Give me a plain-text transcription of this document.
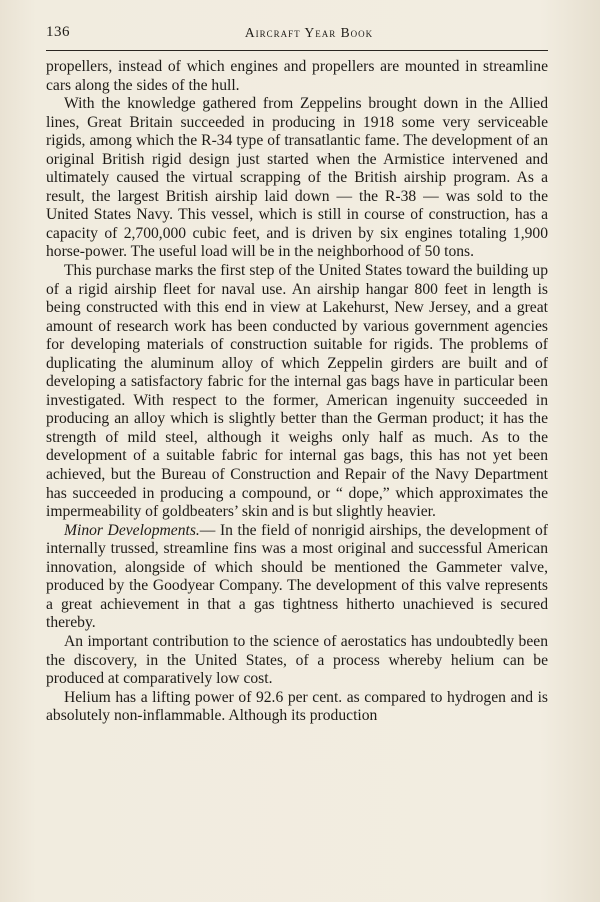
136	Aircraft Year Book

propellers, instead of which engines and propellers are mounted in streamline cars along the sides of the hull.

With the knowledge gathered from Zeppelins brought down in the Allied lines, Great Britain succeeded in producing in 1918 some very serviceable rigids, among which the R-34 type of transatlantic fame. The development of an original British rigid design just started when the Armistice intervened and ultimately caused the virtual scrapping of the British airship program. As a result, the largest British airship laid down — the R-38 — was sold to the United States Navy. This vessel, which is still in course of construction, has a capacity of 2,700,000 cubic feet, and is driven by six engines totaling 1,900 horse-power. The useful load will be in the neighborhood of 50 tons.

This purchase marks the first step of the United States toward the building up of a rigid airship fleet for naval use. An airship hangar 800 feet in length is being constructed with this end in view at Lakehurst, New Jersey, and a great amount of research work has been conducted by various government agencies for developing materials of construction suitable for rigids. The problems of duplicating the aluminum alloy of which Zeppelin girders are built and of developing a satisfactory fabric for the internal gas bags have in particular been investigated. With respect to the former, American ingenuity succeeded in producing an alloy which is slightly better than the German product; it has the strength of mild steel, although it weighs only half as much. As to the development of a suitable fabric for internal gas bags, this has not yet been achieved, but the Bureau of Construction and Repair of the Navy Department has succeeded in producing a compound, or “ dope,” which approximates the impermeability of goldbeaters’ skin and is but slightly heavier.

Minor Developments.— In the field of nonrigid airships, the development of internally trussed, streamline fins was a most original and successful American innovation, alongside of which should be mentioned the Gammeter valve, produced by the Goodyear Company. The development of this valve represents a great achievement in that a gas tightness hitherto unachieved is secured thereby.

An important contribution to the science of aerostatics has undoubtedly been the discovery, in the United States, of a process whereby helium can be produced at comparatively low cost.

Helium has a lifting power of 92.6 per cent. as compared to hydrogen and is absolutely non-inflammable. Although its production
